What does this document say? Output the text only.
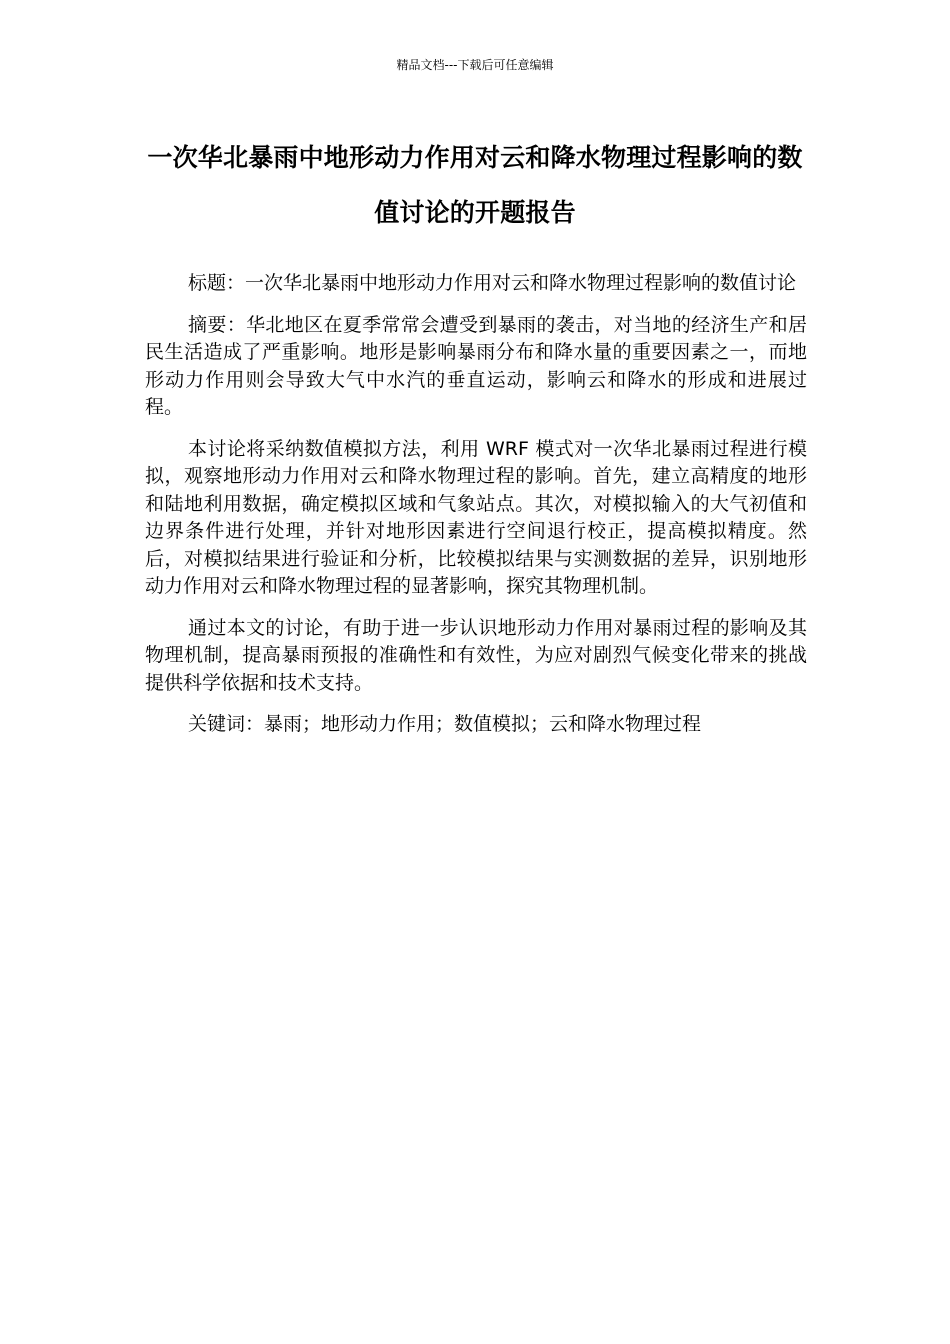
精品文档---下载后可任意编辑
一次华北暴雨中地形动力作用对云和降水物理过程影响的数值讨论的开题报告

标题：一次华北暴雨中地形动力作用对云和降水物理过程影响的数值讨论

摘要：华北地区在夏季常常会遭受到暴雨的袭击，对当地的经济生产和居民生活造成了严重影响。地形是影响暴雨分布和降水量的重要因素之一，而地形动力作用则会导致大气中水汽的垂直运动，影响云和降水的形成和进展过程。

本讨论将采纳数值模拟方法，利用 WRF 模式对一次华北暴雨过程进行模拟，观察地形动力作用对云和降水物理过程的影响。首先，建立高精度的地形和陆地利用数据，确定模拟区域和气象站点。其次，对模拟输入的大气初值和边界条件进行处理，并针对地形因素进行空间退行校正，提高模拟精度。然后，对模拟结果进行验证和分析，比较模拟结果与实测数据的差异，识别地形动力作用对云和降水物理过程的显著影响，探究其物理机制。

通过本文的讨论，有助于进一步认识地形动力作用对暴雨过程的影响及其物理机制，提高暴雨预报的准确性和有效性，为应对剧烈气候变化带来的挑战提供科学依据和技术支持。

关键词：暴雨；地形动力作用；数值模拟；云和降水物理过程
